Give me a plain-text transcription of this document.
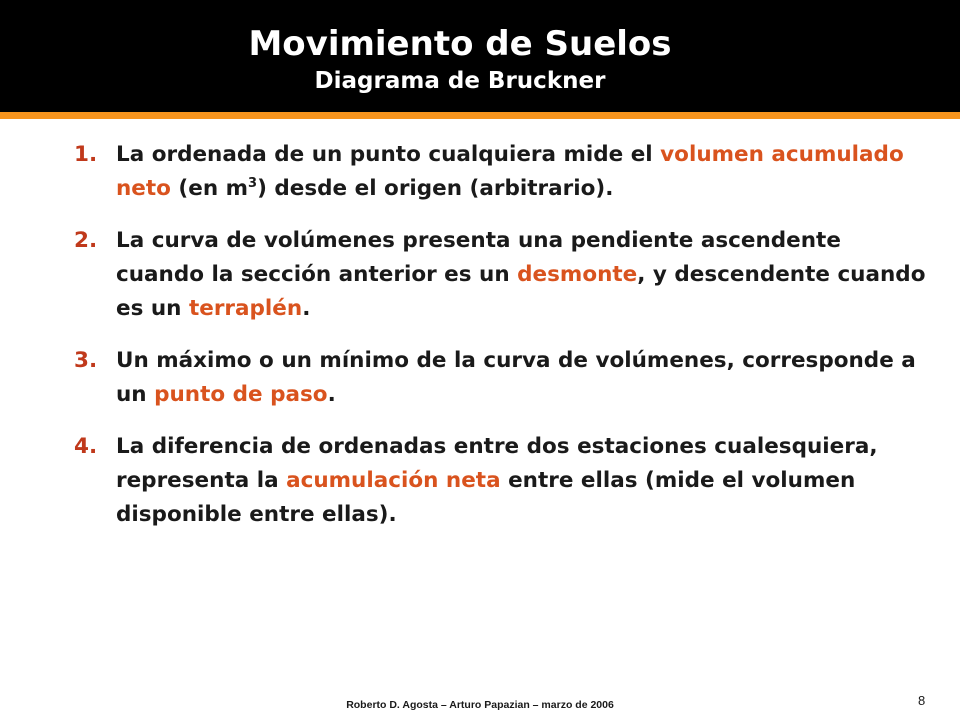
Movimiento de Suelos
Diagrama de Bruckner
1. La ordenada de un punto cualquiera mide el volumen acumulado neto (en $m^3$) desde el origen (arbitrario).
2. La curva de volúmenes presenta una pendiente ascendente cuando la sección anterior es un desmonte, y descendente cuando es un terraplén.
3. Un máximo o un mínimo de la curva de volúmenes, corresponde a un punto de paso.
4. La diferencia de ordenadas entre dos estaciones cualesquiera, representa la acumulación neta entre ellas (mide el volumen disponible entre ellas).
Roberto D. Agosta – Arturo Papazian – marzo de 2006	8
